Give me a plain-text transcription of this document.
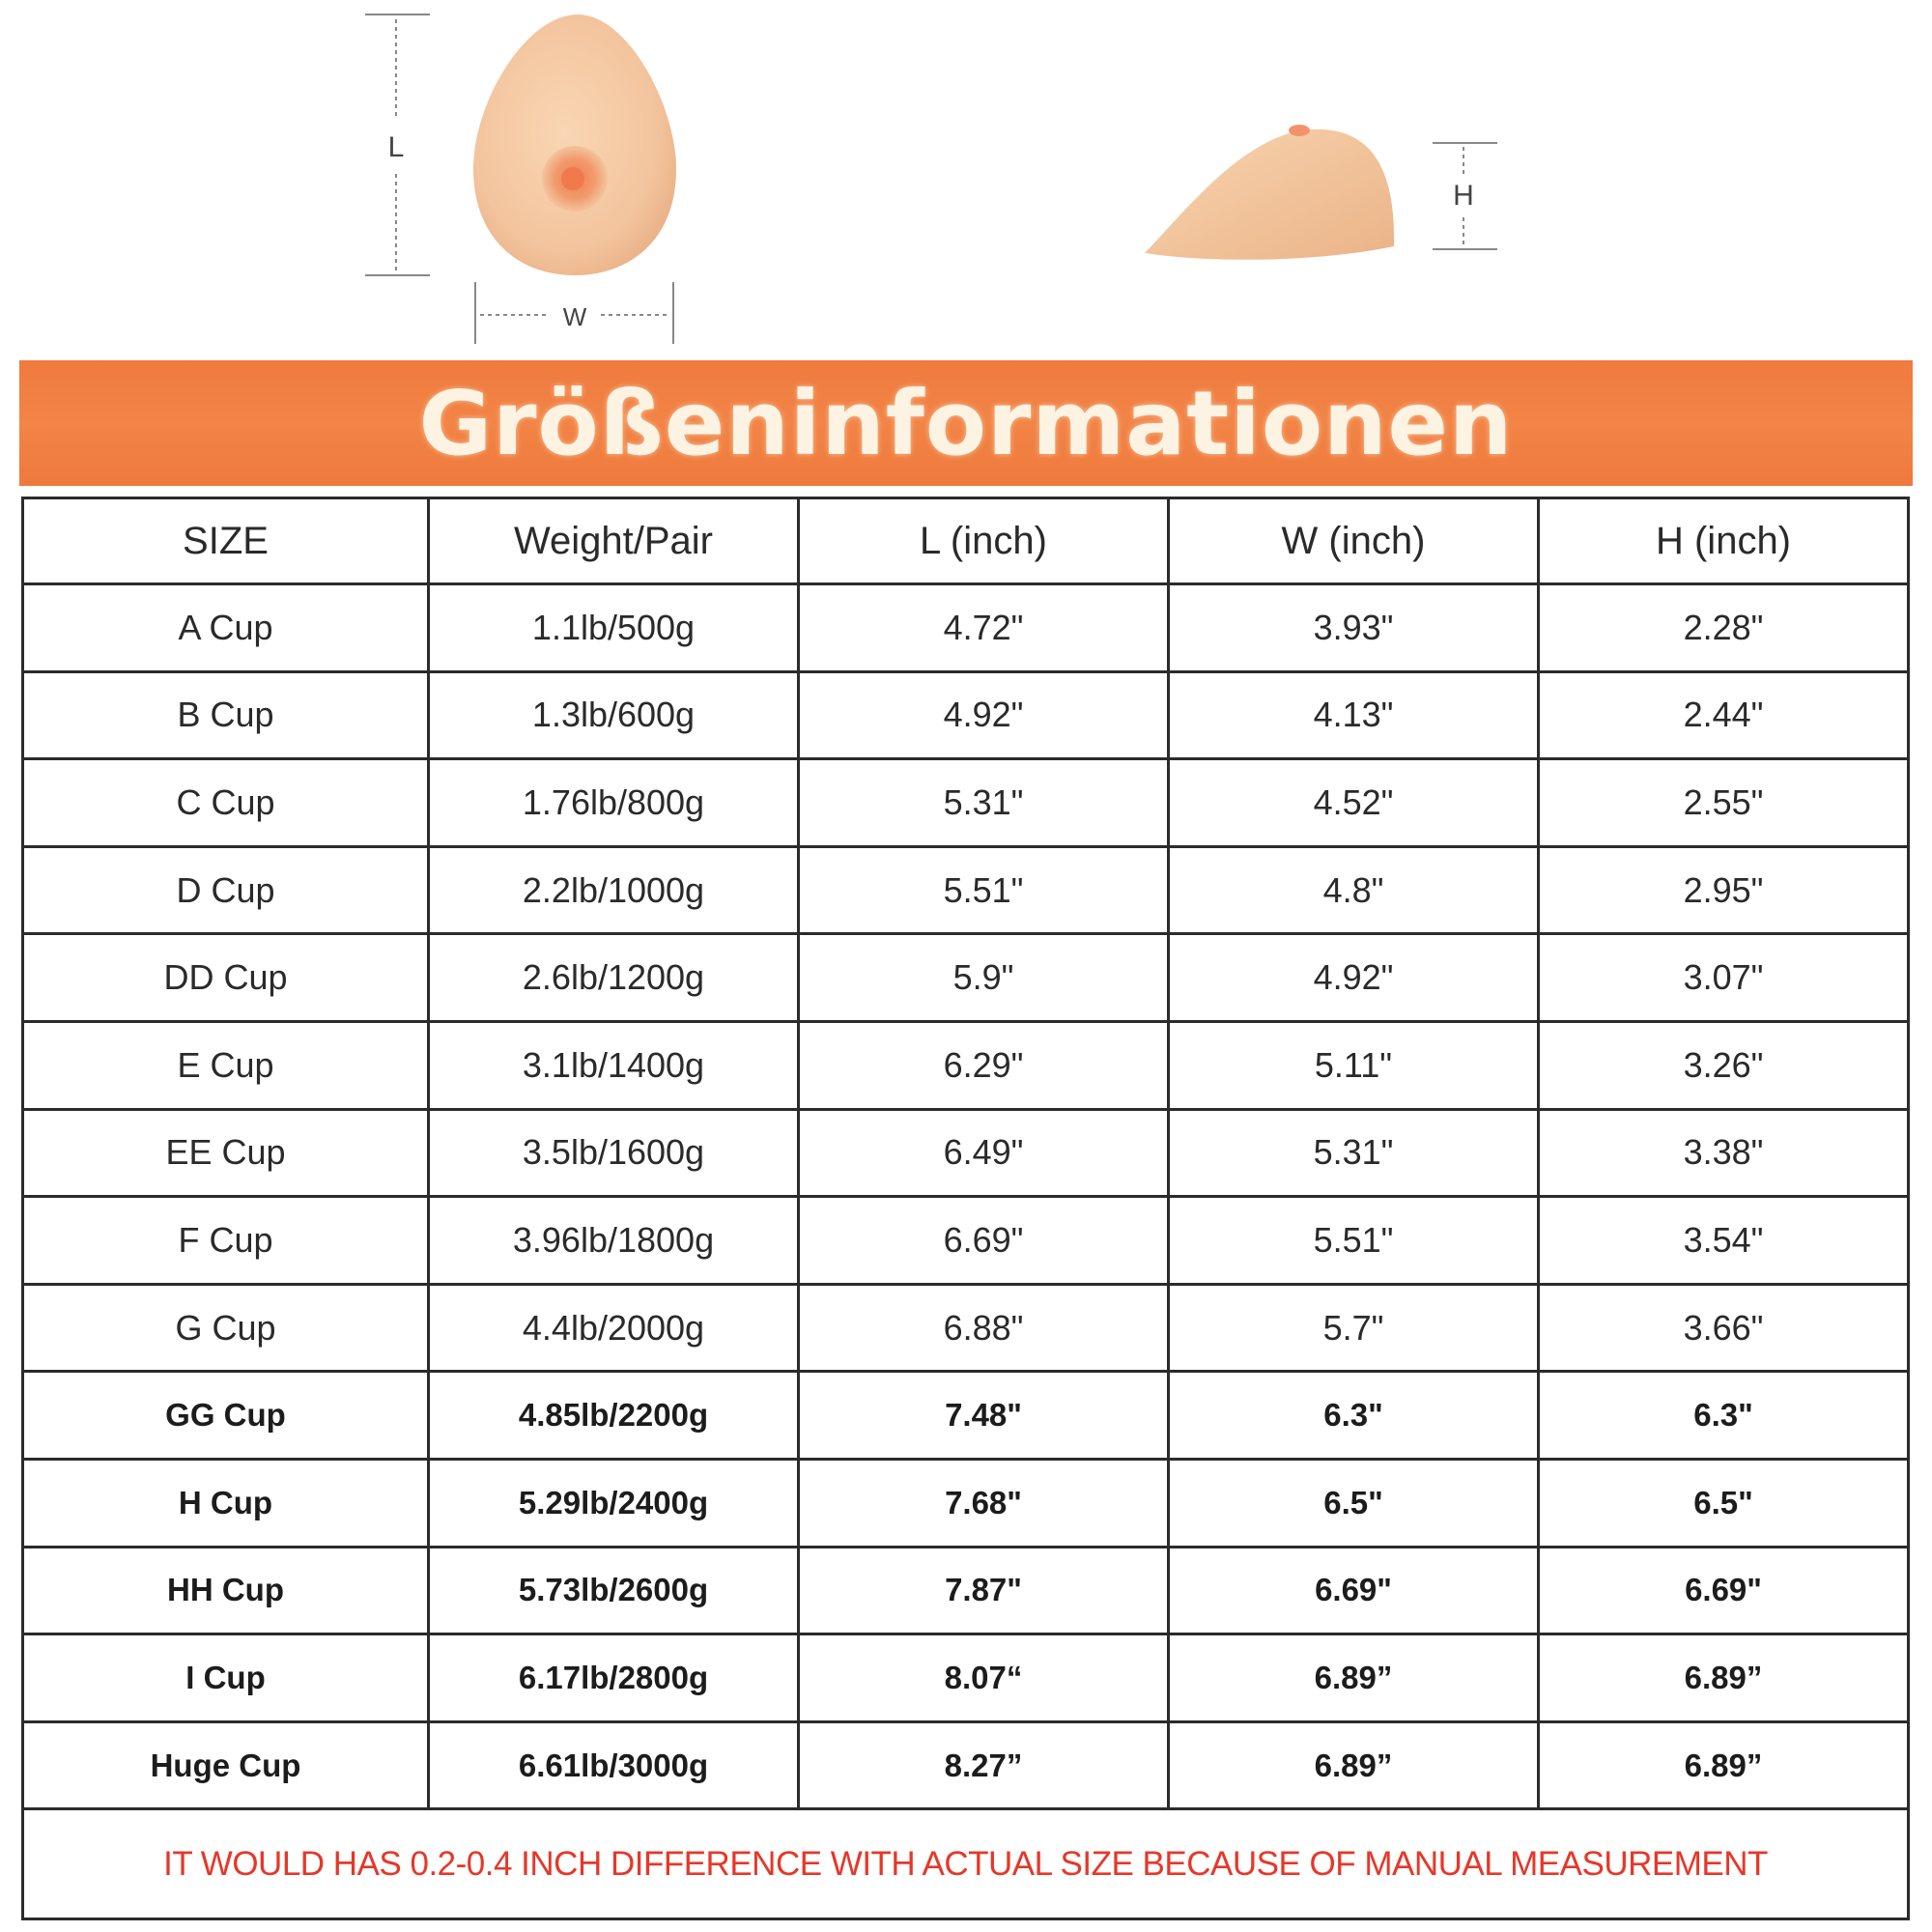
L
W
H
Größeninformationen
SIZE	Weight/Pair	L (inch)	W (inch)	H (inch)
A Cup	1.1lb/500g	4.72"	3.93"	2.28"
B Cup	1.3lb/600g	4.92"	4.13"	2.44"
C Cup	1.76lb/800g	5.31"	4.52"	2.55"
D Cup	2.2lb/1000g	5.51"	4.8"	2.95"
DD Cup	2.6lb/1200g	5.9"	4.92"	3.07"
E Cup	3.1lb/1400g	6.29"	5.11"	3.26"
EE Cup	3.5lb/1600g	6.49"	5.31"	3.38"
F Cup	3.96lb/1800g	6.69"	5.51"	3.54"
G Cup	4.4lb/2000g	6.88"	5.7"	3.66"
GG Cup	4.85lb/2200g	7.48"	6.3"	6.3"
H Cup	5.29lb/2400g	7.68"	6.5"	6.5"
HH Cup	5.73lb/2600g	7.87"	6.69"	6.69"
I Cup	6.17lb/2800g	8.07“	6.89”	6.89”
Huge Cup	6.61lb/3000g	8.27”	6.89”	6.89”
IT WOULD HAS 0.2-0.4 INCH DIFFERENCE WITH ACTUAL SIZE BECAUSE OF MANUAL MEASUREMENT				
